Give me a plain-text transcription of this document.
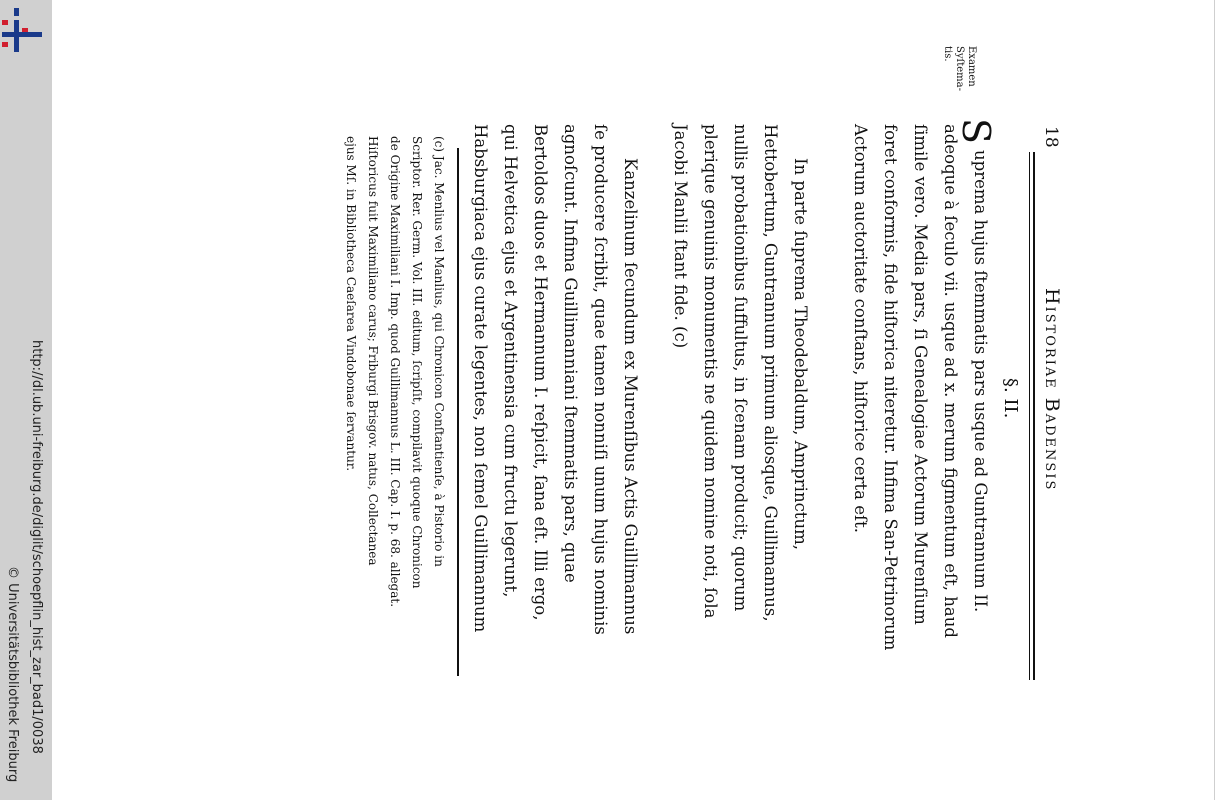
http://dl.ub.uni-freiburg.de/diglit/schoepflin_hist_zar_bad1/0038
© Universitätsbibliothek Freiburg
18
Historiae Badensis
§. II.
Examen Syſtema- tis.
S
uprema hujus ſtemmatis pars usque ad Guntrannum II.
adeoque à ſeculo vii. usque ad x. merum figmentum eſt, haud
ſimile vero. Media pars, ſi Genealogiae Actorum Murenſium
foret conformis, fide hiſtorica niteretur. Infima San-Petrinorum
Actorum auctoritate conſtans, hiſtorice certa eſt.
In parte ſuprema Theodebaldum, Amprinctum,
Hettobertum, Guntrannum primum aliosque, Guillimannus,
nullis probationibus ſuffultus, in ſcenam producit; quorum
plerique genuinis monumentis ne quidem nomine noti, ſola
Jacobi Manlii ſtant fide. (c)
Kanzelinum ſecundum ex Murenſibus Actis Guillimannus
ſe producere ſcribit, quae tamen nonniſi unum hujus nominis
agnoſcunt. Infima Guillimanniani ſtemmatis pars, quae
Bertoldos duos et Hermannum I. reſpicit, ſana eſt. Illi ergo,
qui Helvetica ejus et Argentinensia cum fructu legerunt,
Habsburgiaca ejus curate legentes, non ſemel Guillimannum
(c) Jac. Menlius vel Manlius, qui Chronicon Conſtantienſe, à Pistorio in
Scriptor. Rer. Germ. Vol. III. editum, ſcripſit, compilavit quoque Chronicon
de Origine Maximiliani I. Imp. quod Guillimannus L. III. Cap. I. p. 68. allegat.
Hiſtoricus fuit Maximiliano carus; Friburgi Brisgov. natus, Collectanea
ejus Mſ. in Bibliotheca Caeſarea Vindobonae ſervantur.
